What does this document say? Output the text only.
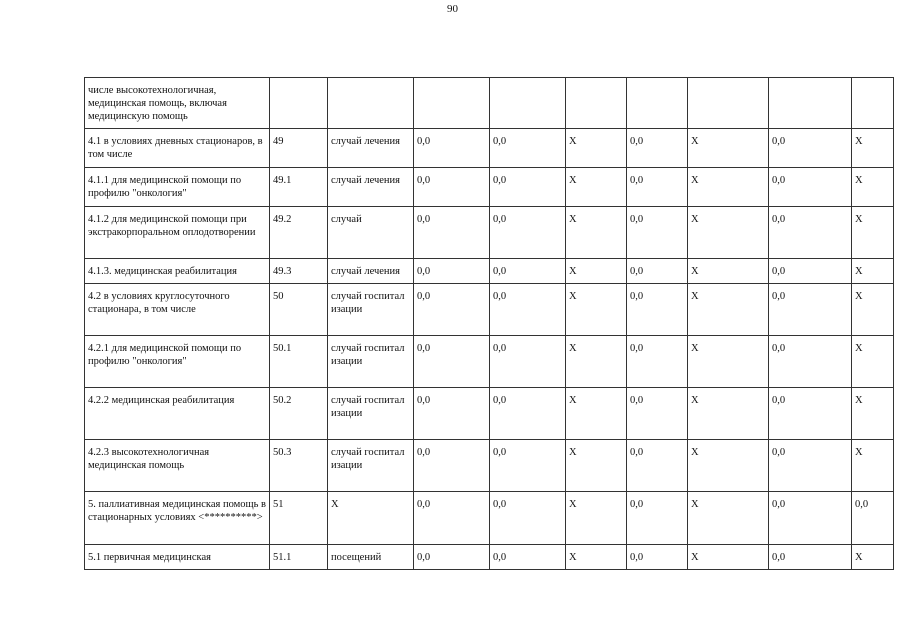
90
числе высокотехнологичная, медицинская помощь, включая медицинскую помощь									
4.1 в условиях дневных стационаров, в том числе	49	случай лечения	0,0	0,0	X	0,0	X	0,0	X
4.1.1 для медицинской помощи по профилю "онкология"	49.1	случай лечения	0,0	0,0	X	0,0	X	0,0	X
4.1.2 для медицинской помощи при экстракорпоральном оплодотворении	49.2	случай	0,0	0,0	X	0,0	X	0,0	X
4.1.3. медицинская реабилитация	49.3	случай лечения	0,0	0,0	X	0,0	X	0,0	X
4.2 в условиях круглосуточного стационара, в том числе	50	случай госпитализации	0,0	0,0	X	0,0	X	0,0	X
4.2.1 для медицинской помощи по профилю "онкология"	50.1	случай госпитализации	0,0	0,0	X	0,0	X	0,0	X
4.2.2 медицинская реабилитация	50.2	случай госпитализации	0,0	0,0	X	0,0	X	0,0	X
4.2.3 высокотехнологичная медицинская помощь	50.3	случай госпитализации	0,0	0,0	X	0,0	X	0,0	X
5. паллиативная медицинская помощь в стационарных условиях <**********>	51	X	0,0	0,0	X	0,0	X	0,0	0,0
5.1 первичная медицинская	51.1	посещений	0,0	0,0	X	0,0	X	0,0	X
